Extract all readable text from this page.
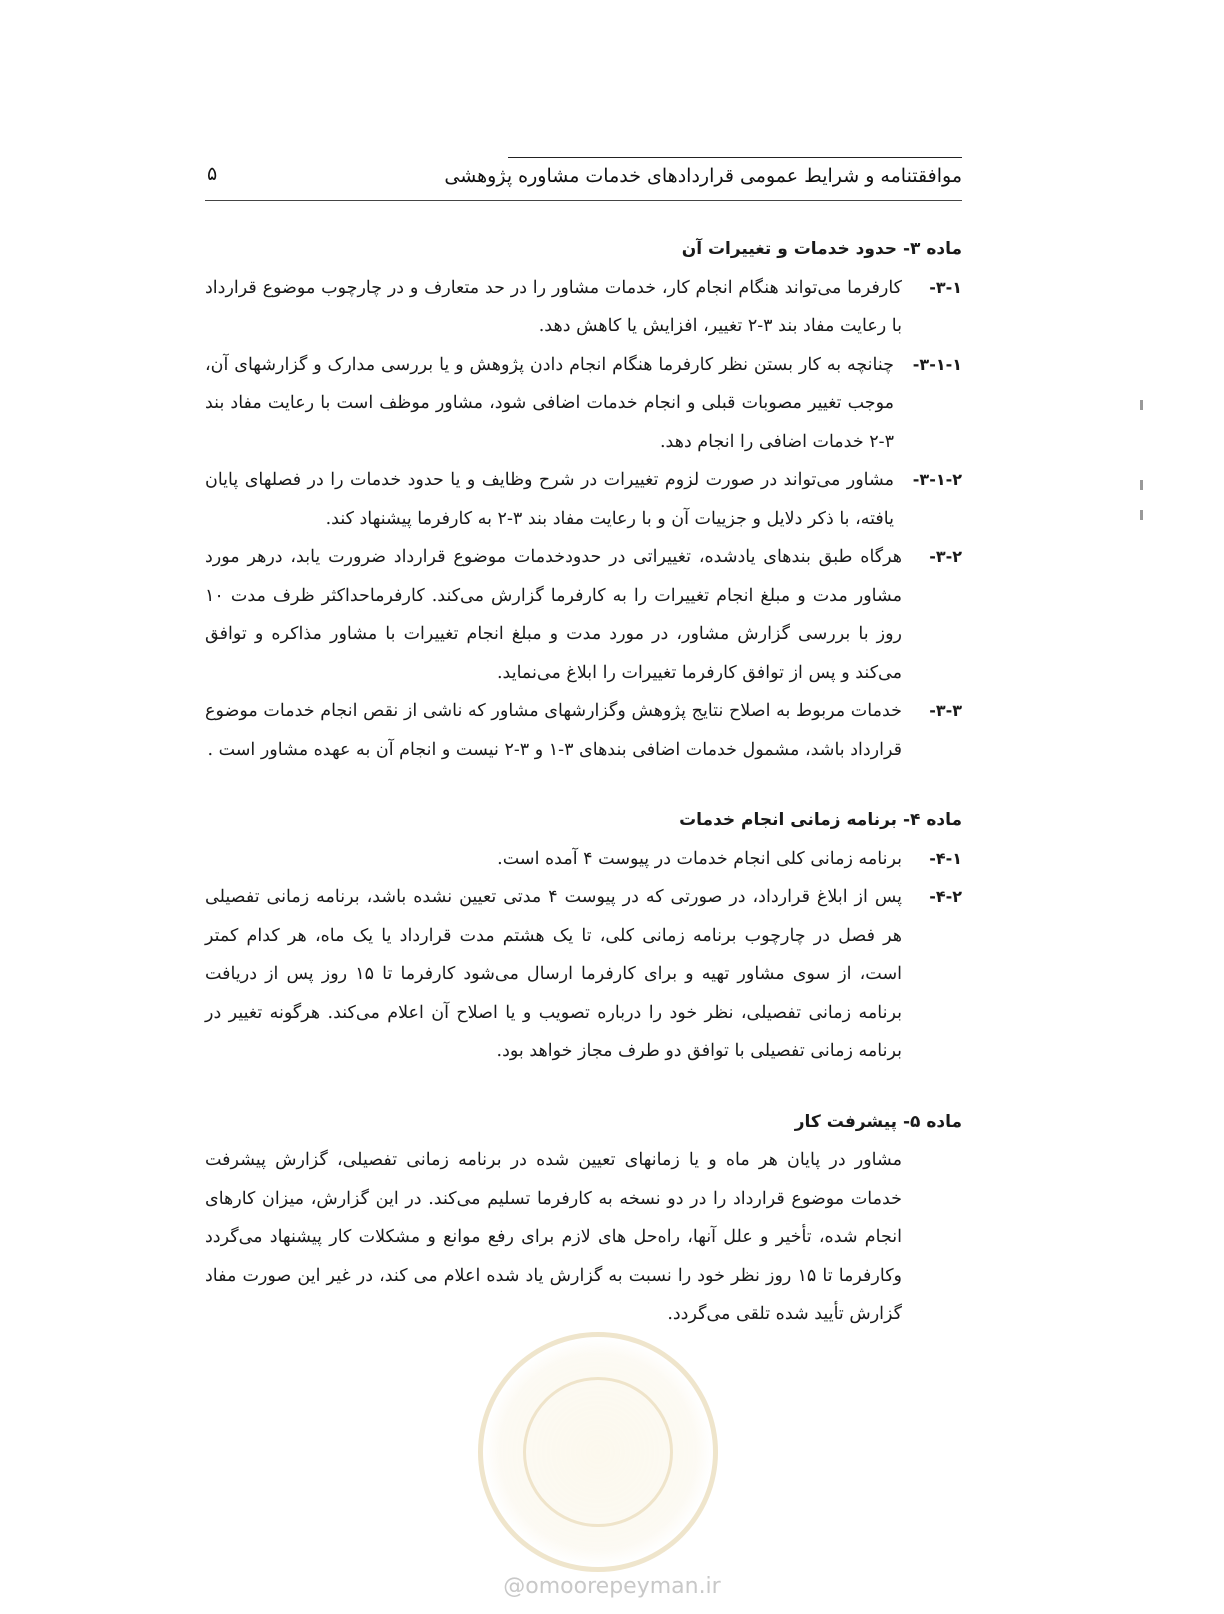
موافقتنامه و شرایط عمومی قراردادهای خدمات مشاوره پژوهشی
۵

ماده ۳- حدود خدمات و تغییرات آن

۳-۱-
کارفرما می‌تواند هنگام انجام کار، خدمات مشاور را در حد متعارف و در چارچوب موضوع قرارداد با رعایت مفاد بند ۳-۲ تغییر، افزایش یا کاهش دهد.

۳-۱-۱-
چنانچه به کار بستن نظر کارفرما هنگام انجام دادن پژوهش و یا بررسی مدارک و گزارشهای آن، موجب تغییر مصوبات قبلی و انجام خدمات اضافی شود، مشاور موظف است با رعایت مفاد بند ۳-۲ خدمات اضافی را انجام دهد.

۳-۱-۲-
مشاور می‌تواند در صورت لزوم تغییرات در شرح وظایف و یا حدود خدمات را در فصلهای پایان یافته، با ذکر دلایل و جزییات آن و با رعایت مفاد بند ۳-۲ به کارفرما پیشنهاد کند.

۳-۲-
هرگاه طبق بندهای یادشده، تغییراتی در حدودخدمات موضوع قرارداد ضرورت یابد، درهر مورد مشاور مدت و مبلغ انجام تغییرات را به کارفرما گزارش می‌کند. کارفرماحداکثر ظرف مدت ۱۰ روز با بررسی گزارش مشاور، در مورد مدت و مبلغ انجام تغییرات با مشاور مذاکره و توافق می‌کند و پس از توافق کارفرما تغییرات را ابلاغ می‌نماید.

۳-۳-
خدمات مربوط به اصلاح نتایج پژوهش وگزارشهای مشاور که ناشی از نقص انجام خدمات موضوع قرارداد باشد، مشمول خدمات اضافی بندهای ۳-۱ و ۳-۲ نیست و انجام آن به عهده مشاور است .

ماده ۴- برنامه زمانی انجام خدمات

۴-۱-
برنامه زمانی کلی انجام خدمات در پیوست ۴ آمده است.

۴-۲-
پس از ابلاغ قرارداد، در صورتی که در پیوست ۴ مدتی تعیین نشده باشد، برنامه زمانی تفصیلی هر فصل در چارچوب برنامه زمانی کلی، تا یک هشتم مدت قرارداد یا یک ماه، هر کدام کمتر است، از سوی مشاور تهیه و برای کارفرما ارسال می‌شود کارفرما تا ۱۵ روز پس از دریافت برنامه زمانی تفصیلی، نظر خود را درباره تصویب و یا اصلاح آن اعلام می‌کند. هرگونه تغییر در برنامه زمانی تفصیلی با توافق دو طرف مجاز خواهد بود.

ماده ۵- پیشرفت کار

مشاور در پایان هر ماه و یا زمانهای تعیین شده در برنامه زمانی تفصیلی، گزارش پیشرفت خدمات موضوع قرارداد را در دو نسخه به کارفرما تسلیم می‌کند. در این گزارش، میزان کارهای انجام شده، تأخیر و علل آنها، راه‌حل های لازم برای رفع موانع و مشکلات کار پیشنهاد می‌گردد وکارفرما تا ۱۵ روز نظر خود را نسبت به گزارش یاد شده اعلام می کند، در غیر این صورت مفاد گزارش تأیید شده تلقی می‌گردد.

@omoorepeyman.ir
